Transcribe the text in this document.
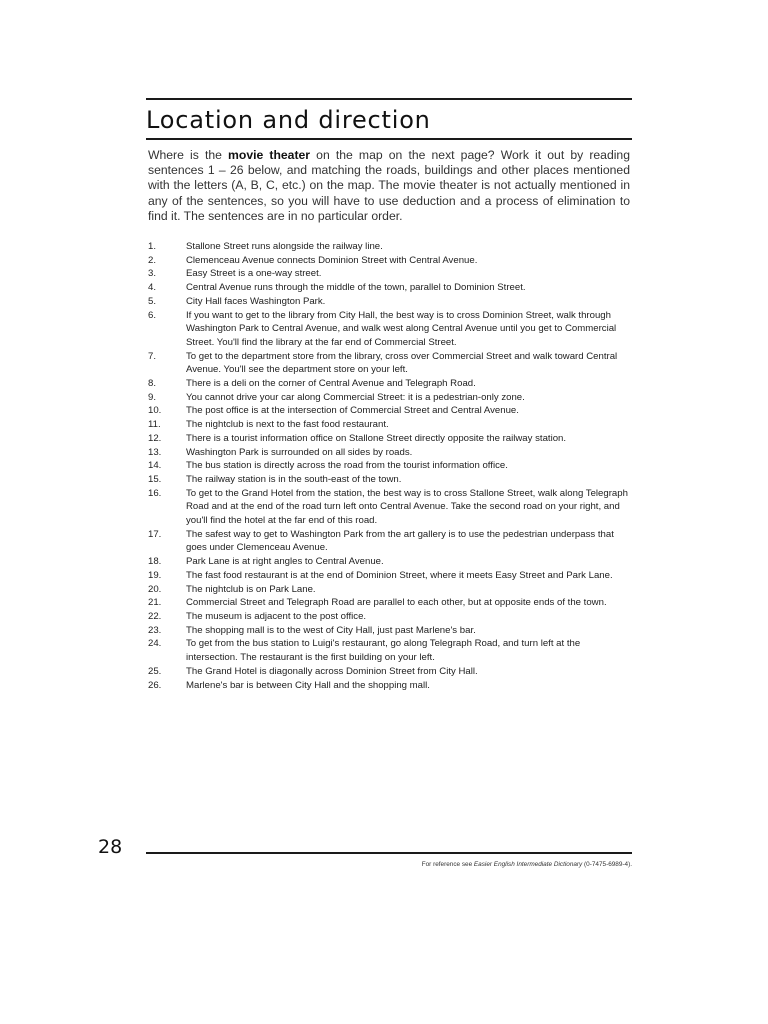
Location and direction

Where is the movie theater on the map on the next page? Work it out by reading sentences 1 – 26 below, and matching the roads, buildings and other places mentioned with the letters (A, B, C, etc.) on the map. The movie theater is not actually mentioned in any of the sentences, so you will have to use deduction and a process of elimination to find it. The sentences are in no particular order.

1.	Stallone Street runs alongside the railway line.
2.	Clemenceau Avenue connects Dominion Street with Central Avenue.
3.	Easy Street is a one-way street.
4.	Central Avenue runs through the middle of the town, parallel to Dominion Street.
5.	City Hall faces Washington Park.
6.	If you want to get to the library from City Hall, the best way is to cross Dominion Street, walk through Washington Park to Central Avenue, and walk west along Central Avenue until you get to Commercial Street. You'll find the library at the far end of Commercial Street.
7.	To get to the department store from the library, cross over Commercial Street and walk toward Central Avenue. You'll see the department store on your left.
8.	There is a deli on the corner of Central Avenue and Telegraph Road.
9.	You cannot drive your car along Commercial Street: it is a pedestrian-only zone.
10.	The post office is at the intersection of Commercial Street and Central Avenue.
11.	The nightclub is next to the fast food restaurant.
12.	There is a tourist information office on Stallone Street directly opposite the railway station.
13.	Washington Park is surrounded on all sides by roads.
14.	The bus station is directly across the road from the tourist information office.
15.	The railway station is in the south-east of the town.
16.	To get to the Grand Hotel from the station, the best way is to cross Stallone Street, walk along Telegraph Road and at the end of the road turn left onto Central Avenue. Take the second road on your right, and you'll find the hotel at the far end of this road.
17.	The safest way to get to Washington Park from the art gallery is to use the pedestrian underpass that goes under Clemenceau Avenue.
18.	Park Lane is at right angles to Central Avenue.
19.	The fast food restaurant is at the end of Dominion Street, where it meets Easy Street and Park Lane.
20.	The nightclub is on Park Lane.
21.	Commercial Street and Telegraph Road are parallel to each other, but at opposite ends of the town.
22.	The museum is adjacent to the post office.
23.	The shopping mall is to the west of City Hall, just past Marlene's bar.
24.	To get from the bus station to Luigi's restaurant, go along Telegraph Road, and turn left at the intersection. The restaurant is the first building on your left.
25.	The Grand Hotel is diagonally across Dominion Street from City Hall.
26.	Marlene's bar is between City Hall and the shopping mall.
28
For reference see Easier English Intermediate Dictionary (0-7475-6989-4).
